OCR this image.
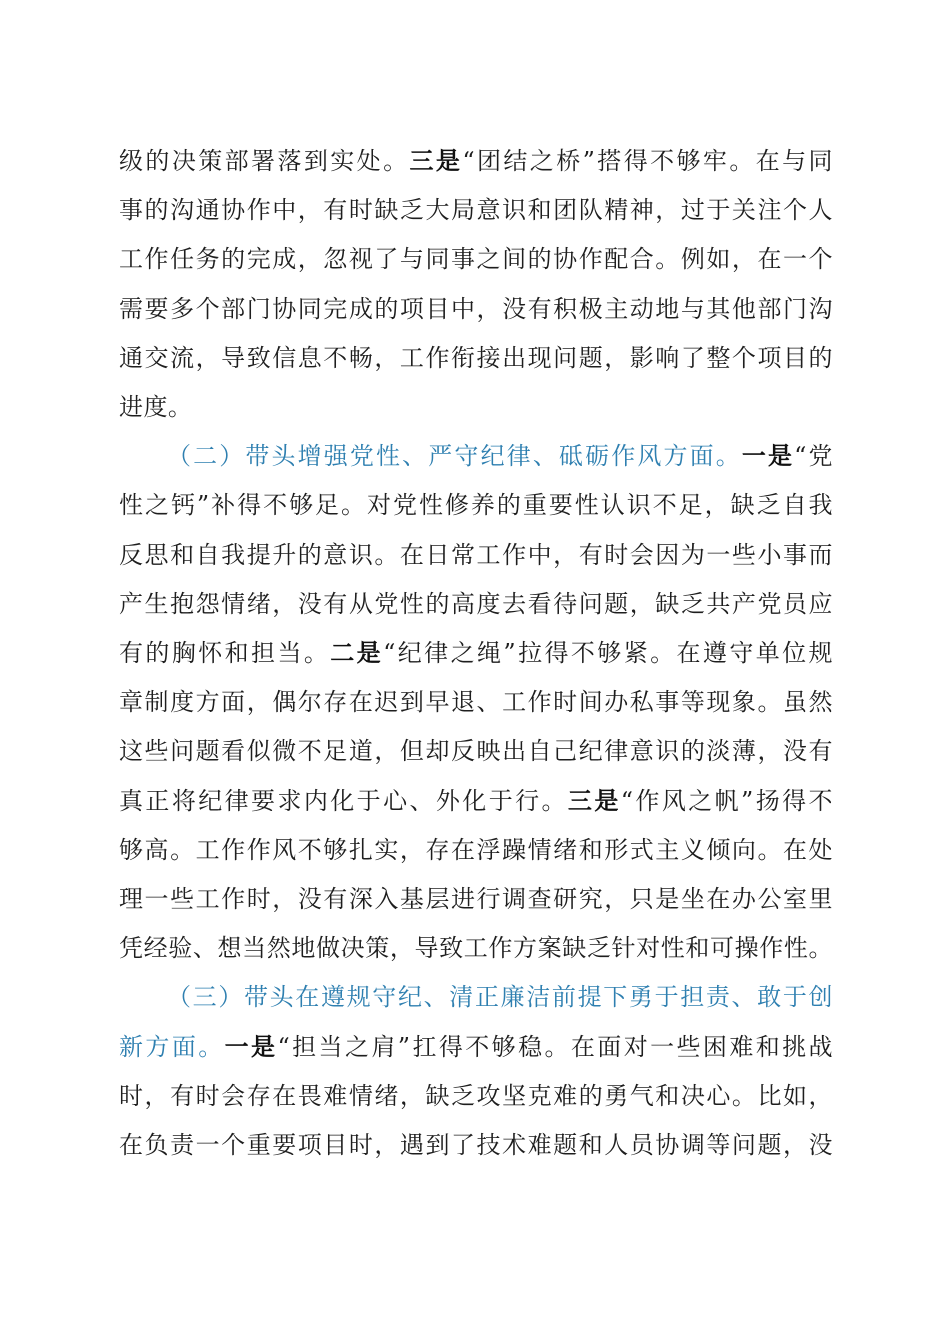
级的决策部署落到实处。三是“团结之桥”搭得不够牢。在与同
事的沟通协作中，有时缺乏大局意识和团队精神，过于关注个人
工作任务的完成，忽视了与同事之间的协作配合。例如，在一个
需要多个部门协同完成的项目中，没有积极主动地与其他部门沟
通交流，导致信息不畅，工作衔接出现问题，影响了整个项目的
进度。
（二）带头增强党性、严守纪律、砥砺作风方面。一是“党
性之钙”补得不够足。对党性修养的重要性认识不足，缺乏自我
反思和自我提升的意识。在日常工作中，有时会因为一些小事而
产生抱怨情绪，没有从党性的高度去看待问题，缺乏共产党员应
有的胸怀和担当。二是“纪律之绳”拉得不够紧。在遵守单位规
章制度方面，偶尔存在迟到早退、工作时间办私事等现象。虽然
这些问题看似微不足道，但却反映出自己纪律意识的淡薄，没有
真正将纪律要求内化于心、外化于行。三是“作风之帆”扬得不
够高。工作作风不够扎实，存在浮躁情绪和形式主义倾向。在处
理一些工作时，没有深入基层进行调查研究，只是坐在办公室里
凭经验、想当然地做决策，导致工作方案缺乏针对性和可操作性。
（三）带头在遵规守纪、清正廉洁前提下勇于担责、敢于创
新方面。一是“担当之肩”扛得不够稳。在面对一些困难和挑战
时，有时会存在畏难情绪，缺乏攻坚克难的勇气和决心。比如，
在负责一个重要项目时，遇到了技术难题和人员协调等问题，没
